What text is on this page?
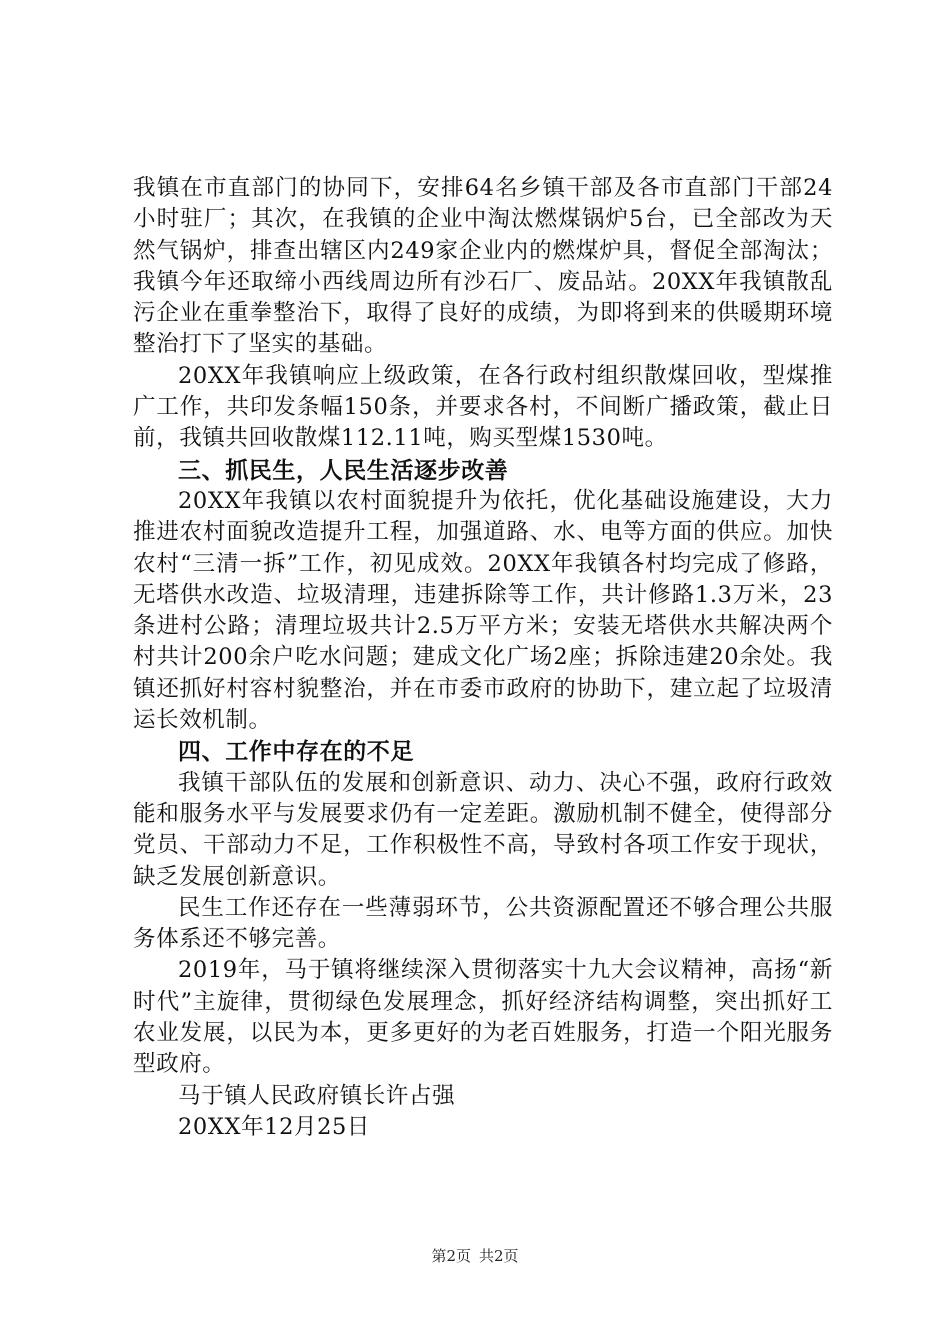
我镇在市直部门的协同下，安排64名乡镇干部及各市直部门干部24小时驻厂；其次，在我镇的企业中淘汰燃煤锅炉5台，已全部改为天然气锅炉，排查出辖区内249家企业内的燃煤炉具，督促全部淘汰；我镇今年还取缔小西线周边所有沙石厂、废品站。20XX年我镇散乱污企业在重拳整治下，取得了良好的成绩，为即将到来的供暖期环境整治打下了坚实的基础。

20XX年我镇响应上级政策，在各行政村组织散煤回收，型煤推广工作，共印发条幅150条，并要求各村，不间断广播政策，截止日前，我镇共回收散煤112.11吨，购买型煤1530吨。

三、抓民生，人民生活逐步改善

20XX年我镇以农村面貌提升为依托，优化基础设施建设，大力推进农村面貌改造提升工程，加强道路、水、电等方面的供应。加快农村“三清一拆”工作，初见成效。20XX年我镇各村均完成了修路，无塔供水改造、垃圾清理，违建拆除等工作，共计修路1.3万米，23条进村公路；清理垃圾共计2.5万平方米；安装无塔供水共解决两个村共计200余户吃水问题；建成文化广场2座；拆除违建20余处。我镇还抓好村容村貌整治，并在市委市政府的协助下，建立起了垃圾清运长效机制。

四、工作中存在的不足

我镇干部队伍的发展和创新意识、动力、决心不强，政府行政效能和服务水平与发展要求仍有一定差距。激励机制不健全，使得部分党员、干部动力不足，工作积极性不高，导致村各项工作安于现状，缺乏发展创新意识。

民生工作还存在一些薄弱环节，公共资源配置还不够合理公共服务体系还不够完善。

2019年，马于镇将继续深入贯彻落实十九大会议精神，高扬“新时代”主旋律，贯彻绿色发展理念，抓好经济结构调整，突出抓好工农业发展，以民为本，更多更好的为老百姓服务，打造一个阳光服务型政府。

马于镇人民政府镇长许占强

20XX年12月25日

第2页 共2页
